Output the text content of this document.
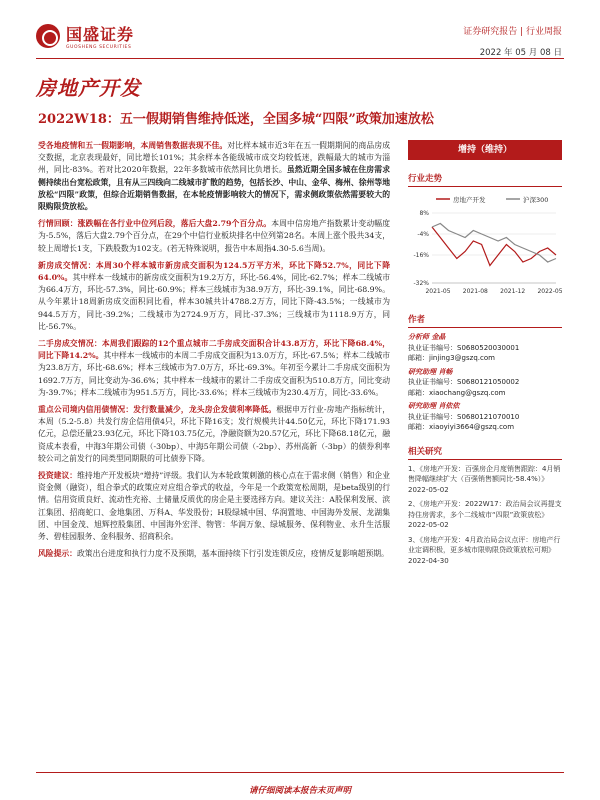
国盛证券
GUOSHENG SECURITIES
证券研究报告 | 行业周报
2022 年 05 月 08 日
房地产开发
2022W18：五一假期销售维持低迷，全国多城“四限”政策加速放松

受各地疫情和五一假期影响，本周销售数据表现不佳。对比样本城市近3年在五一假期期间的商品房成交数据，北京表现最好，同比增长101%；其余样本各能级城市成交均较低迷，跌幅最大的城市为淄州，同比-83%。若对比2020年数据，22年多数城市依然同比负增长。虽然近期全国多城在住房需求侧持续出台宽松政策，且有从三四线向二线城市扩散的趋势，包括长沙、中山、金华、梅州、徐州等地放松“四限”政策，但综合近期销售数据，在本轮疫情影响较大的情况下，需求侧政策依然需要较大的限购限贷放松。

行情回顾：涨跌幅在各行业中位列后段，落后大盘2.79个百分点。本周中信房地产指数累计变动幅度为-5.5%，落后大盘2.79个百分点，在29个中信行业板块排名中位列第28名。本周上涨个股共34支，较上周增长1支，下跌股数为102支。(若无特殊说明，报告中本周指4.30-5.6当周)。

新房成交情况：本周30个样本城市新房成交面积为124.5万平方米，环比下降52.7%，同比下降64.0%。其中样本一线城市的新房成交面积为19.2万方，环比-56.4%，同比-62.7%；样本二线城市为66.4万方，环比-57.3%，同比-60.9%；样本三线城市为38.9万方，环比-39.1%，同比-68.9%。从今年累计18周新房成交面积同比看，样本30城共计4788.2万方，同比下降-43.5%；一线城市为944.5万方，同比-39.2%；二线城市为2724.9万方，同比-37.3%；三线城市为1118.9万方，同比-56.7%。

二手房成交情况：本周我们跟踪的12个重点城市二手房成交面积合计43.8万方，环比下降68.4%，同比下降14.2%。其中样本一线城市的本周二手房成交面积为13.0万方，环比-67.5%；样本二线城市为23.8万方，环比-68.6%；样本三线城市为7.0万方，环比-69.3%。年初至今累计二手房成交面积为1692.7万方，同比变动为-36.6%；其中样本一线城市的累计二手房成交面积为510.8万方，同比变动为-39.7%；样本二线城市为951.5万方，同比-33.6%；样本三线城市为230.4万方，同比-33.6%。

重点公司境内信用债情况：发行数量减少，龙头房企发债利率降低。根据申万行业-房地产指标统计，本周（5.2-5.8）共发行房企信用债4只，环比下降16支；发行规模共计44.50亿元，环比下降171.93亿元，总偿还量23.93亿元，环比下降103.75亿元，净融资额为20.57亿元，环比下降68.18亿元，融资成本表看，中海3年期公司债（-30bp）、中海5年期公司债（-2bp）、苏州高新（-3bp）的债券利率较公司之前发行的同类型同期限的可比债券下降。

投资建议：维持地产开发板块“增持”评级。我们认为本轮政策刺激的核心点在于需求侧（销售）和企业资金侧（融资），组合拳式的政策应对应组合拳式的收益，今年是一个政策宽松周期，是beta级别的行情。信用资质良好、流动性充裕、土储量反质优的房企是主要选择方向。建议关注：A股保利发展、滨江集团、招商蛇口、金地集团、万科A、华发股份；H股绿城中国、华润置地、中国海外发展、龙湖集团、中国金茂、旭辉控股集团、中国海外宏洋、物管：华润万象、绿城服务、保利物业、永升生活服务、碧桂园服务、金科服务、招商积余。

风险提示：政策出台进度和执行力度不及预期，基本面持续下行引发连锁反应，疫情反复影响超预期。

增持（维持）
行业走势
房地产开发	沪深300
8%
-4%
-16%
-32%
2021-05 2021-08 2021-12 2022-05
作者
分析师 金晶
执业证书编号：S0680520030001
邮箱：jinjing3@gszq.com
研究助理 肖畅
执业证书编号：S0680121050002
邮箱：xiaochang@gszq.com
研究助理 肖依依
执业证书编号：S0680121070010
邮箱：xiaoyiyi3664@gszq.com
相关研究
1、《房地产开发：百强房企月度销售跟踪：4月销售降幅继续扩大（百强销售额同比-58.4%）》2022-05-02
2、《房地产开发：2022W17：政治局会议再提支持住房需求，多个二线城市“四限”政策放松》2022-05-02
3、《房地产开发：4月政治局会议点评：房地产行业定调积极，更多城市限购限贷政策放松可期》2022-04-30
请仔细阅读本报告末页声明
